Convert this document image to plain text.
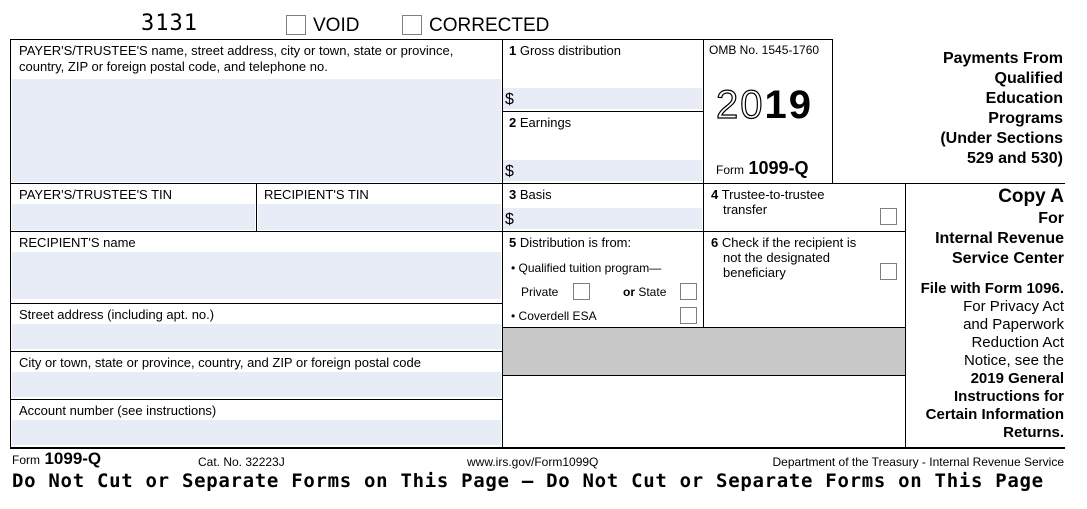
3131	VOID	CORRECTED
PAYER'S/TRUSTEE'S name, street address, city or town, state or province,
country, ZIP or foreign postal code, and telephone no.
1 Gross distribution
$
2 Earnings
$
OMB No. 1545-1760
2019
Form 1099-Q
Payments From
Qualified
Education
Programs
(Under Sections
529 and 530)
PAYER'S/TRUSTEE'S TIN	RECIPIENT'S TIN	3 Basis
$
4 Trustee-to-trustee
transfer
Copy A
For
Internal Revenue
Service Center
File with Form 1096.
For Privacy Act
and Paperwork
Reduction Act
Notice, see the
2019 General
Instructions for
Certain Information
Returns.
RECIPIENT'S name
Street address (including apt. no.)
City or town, state or province, country, and ZIP or foreign postal code
Account number (see instructions)
5 Distribution is from:
• Qualified tuition program—
Private	or State
• Coverdell ESA
6 Check if the recipient is
not the designated
beneficiary
Form 1099-Q	Cat. No. 32223J	www.irs.gov/Form1099Q	Department of the Treasury - Internal Revenue Service
Do Not Cut or Separate Forms on This Page — Do Not Cut or Separate Forms on This Page
